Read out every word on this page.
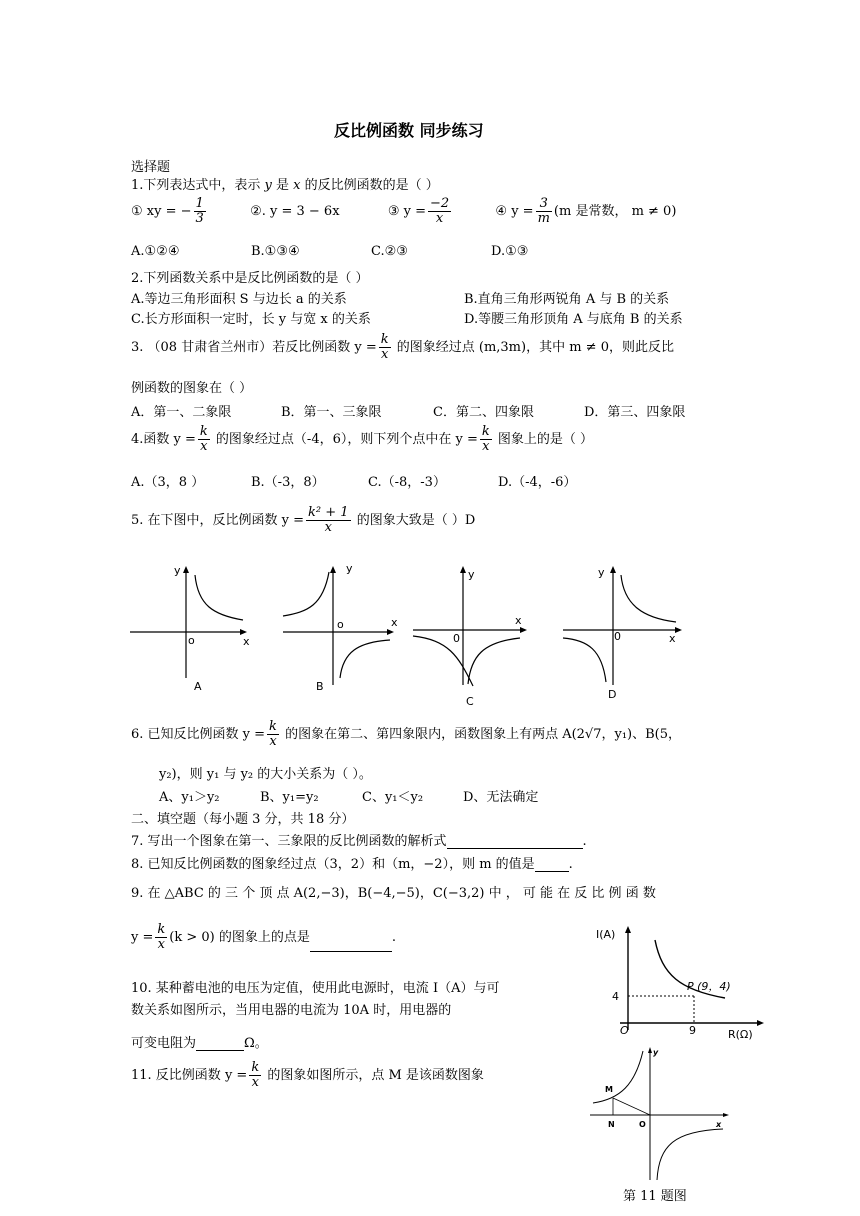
反比例函数 同步练习
选择题
1.下列表达式中，表示 y 是 x 的反比例函数的是（ ）
① xy = − $\frac{1}{3}$	②. y = 3 − 6x	③ $y = \frac{-2}{x}$	④ $y = \frac{3}{m} (m$ 是常数， m ≠ 0)
A.①②④	B.①③④	C.②③	D.①③
2.下列函数关系中是反比例函数的是（ ）
A.等边三角形面积 S 与边长 a 的关系	B.直角三角形两锐角 A 与 B 的关系
C.长方形面积一定时，长 y 与宽 x 的关系	D.等腰三角形顶角 A 与底角 B 的关系
3. （08 甘肃省兰州市）若反比例函数 $y = \frac{k}{x}$ 的图象经过点 (m,3m)，其中 m ≠ 0，则此反比
例函数的图象在（ ）
A．第一、二象限	B．第一、三象限	C．第二、四象限	D．第三、四象限
4.函数 $y = \frac{k}{x}$ 的图象经过点（-4，6），则下列个点中在 $y = \frac{k}{x}$ 图象上的是（ ）
A.（3，8 ）	B.（-3，8）	C.（-8，-3）	D.（-4，-6）
5. 在下图中，反比例函数 $y = \frac{\text{k² + 1}}{x}$ 的图象大致是（ ）D
y
x
o
A
y
x
o
B
y
x
0
C
y
x
0
D
6. 已知反比例函数 $y = \frac{k}{x}$ 的图象在第二、第四象限内，函数图象上有两点 A(2√7，y₁)、B(5，
y₂)，则 y₁ 与 y₂ 的大小关系为（ ）。
A、y₁＞y₂	B、y₁=y₂	C、y₁＜y₂	D、无法确定
二、填空题（每小题 3 分，共 18 分）
7. 写出一个图象在第一、三象限的反比例函数的解析式	.
8. 已知反比例函数的图象经过点（3，2）和（m，−2），则 m 的值是	.
9. 在 △ABC 的 三 个 顶 点 A(2,−3)，B(−4,−5)，C(−3,2) 中 ， 可 能 在 反 比 例 函 数
$y = \frac{k}{x} (k > 0)$ 的图象上的点是	.	I(A)
R(Ω)
P (9，4)
4
9
O
10. 某种蓄电池的电压为定值，使用此电源时，电流 I（A）与可
数关系如图所示，当用电器的电流为 10A 时，用电器的
可变电阻为	Ω。
11. 反比例函数 $y = \frac{k}{x}$ 的图象如图所示，点 M 是该函数图象
M
N	O	x
y
第 11 题图
